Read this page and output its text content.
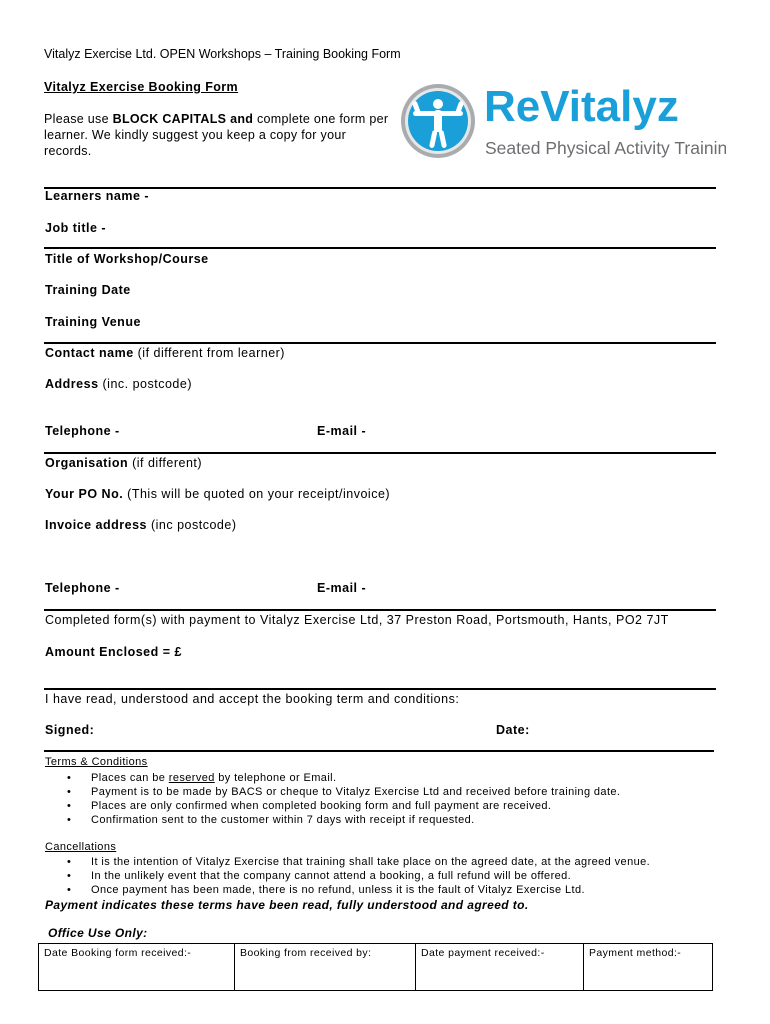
Vitalyz Exercise Ltd. OPEN Workshops – Training Booking Form
Vitalyz Exercise Booking Form
Please use BLOCK CAPITALS and complete one form per learner. We kindly suggest you keep a copy for your records.
ReVitalyz
Seated Physical Activity Training
Learners name -
Job title -
Title of Workshop/Course
Training Date
Training Venue
Contact name (if different from learner)
Address (inc. postcode)
Telephone -	E-mail -
Organisation (if different)
Your PO No. (This will be quoted on your receipt/invoice)
Invoice address (inc postcode)
Telephone -	E-mail -
Completed form(s) with payment to Vitalyz Exercise Ltd, 37 Preston Road, Portsmouth, Hants, PO2 7JT
Amount Enclosed = £
I have read, understood and accept the booking term and conditions:
Signed:	Date:
Terms & Conditions
• Places can be reserved by telephone or Email.
• Payment is to be made by BACS or cheque to Vitalyz Exercise Ltd and received before training date.
• Places are only confirmed when completed booking form and full payment are received.
• Confirmation sent to the customer within 7 days with receipt if requested.
Cancellations
• It is the intention of Vitalyz Exercise that training shall take place on the agreed date, at the agreed venue.
• In the unlikely event that the company cannot attend a booking, a full refund will be offered.
• Once payment has been made, there is no refund, unless it is the fault of Vitalyz Exercise Ltd.
Payment indicates these terms have been read, fully understood and agreed to.
Office Use Only:
Date Booking form received:-	Booking from received by:	Date payment received:-	Payment method:-
